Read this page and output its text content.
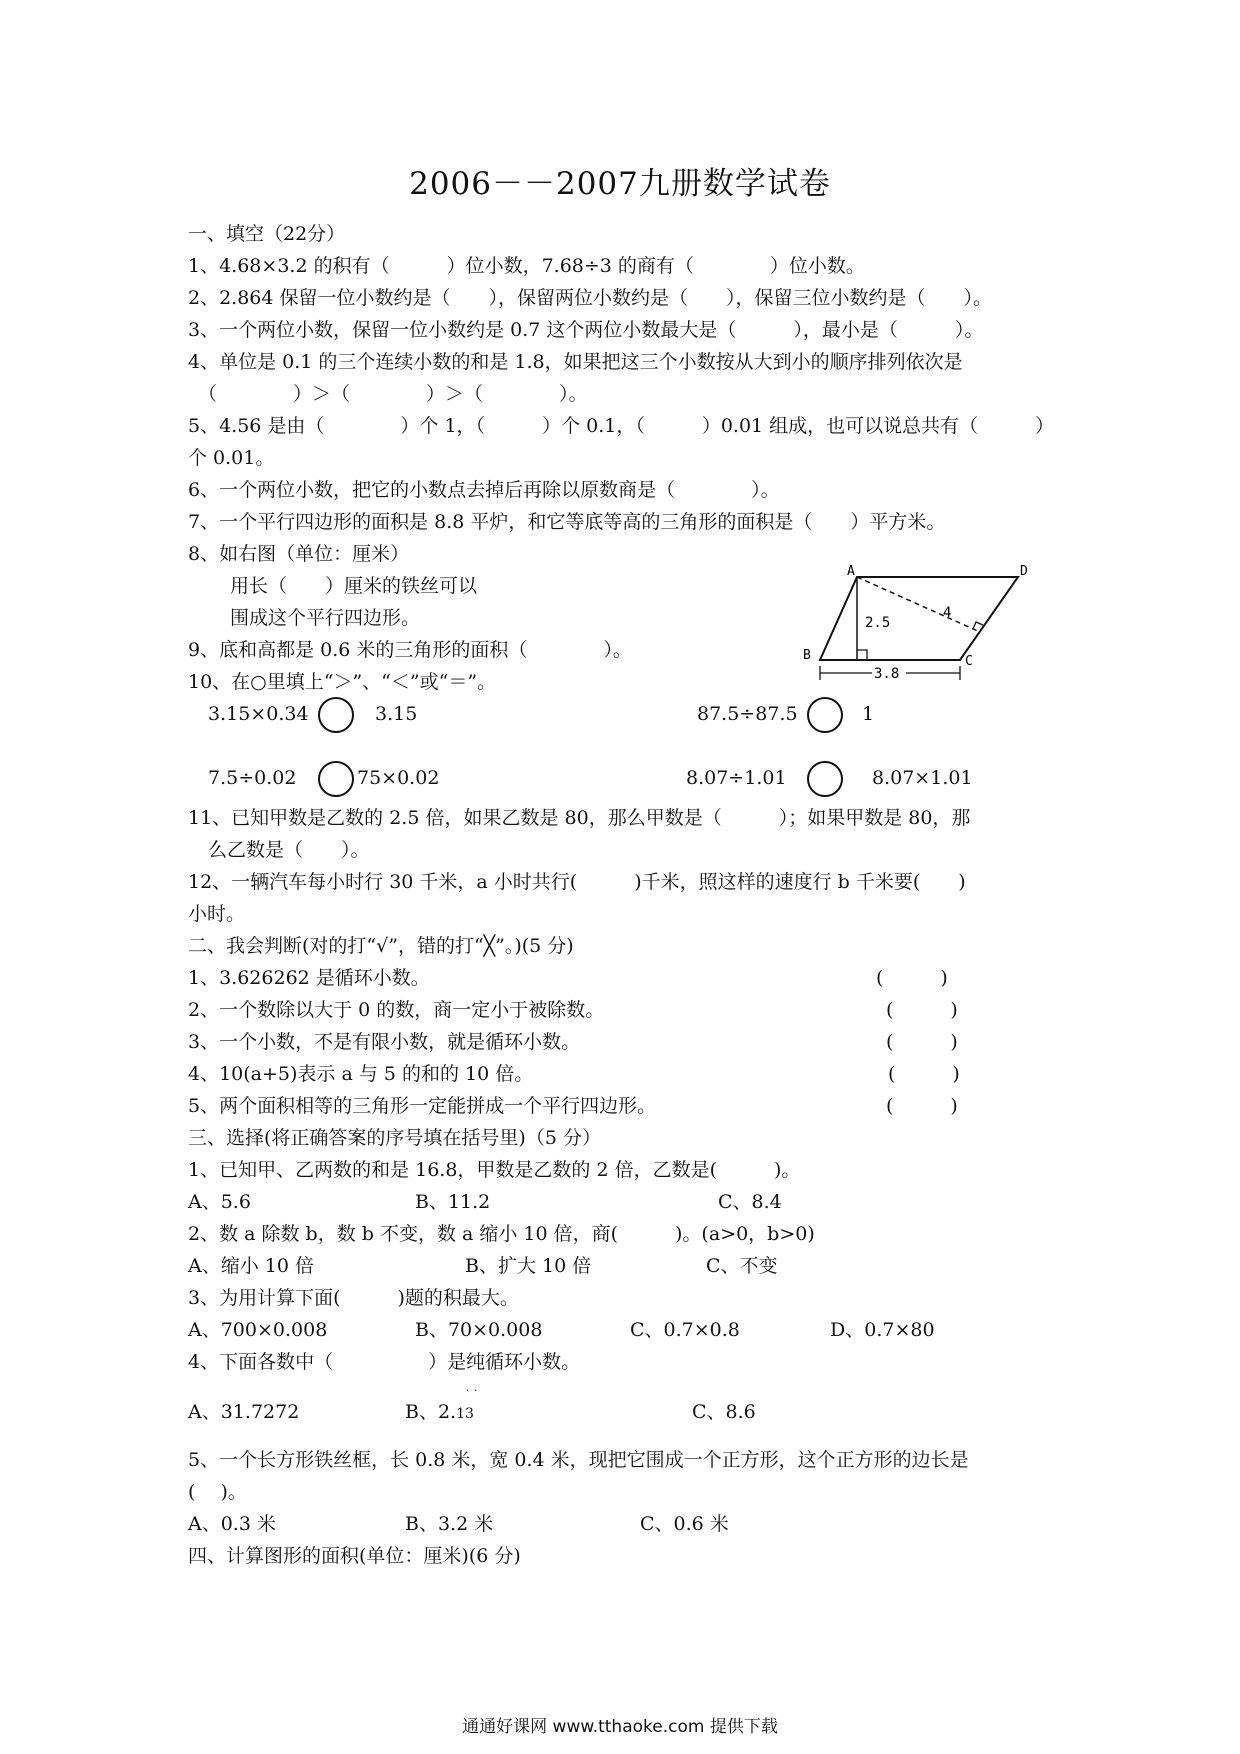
2006－－2007九册数学试卷
一、填空（22分）
1、4.68×3.2 的积有（　　　）位小数，7.68÷3 的商有（　　　　）位小数。
2、2.864 保留一位小数约是（　　），保留两位小数约是（　　），保留三位小数约是（　　）。
3、一个两位小数，保留一位小数约是 0.7 这个两位小数最大是（　　　），最小是（　　　）。
4、单位是 0.1 的三个连续小数的和是 1.8，如果把这三个小数按从大到小的顺序排列依次是
（　　　　）＞（　　　　）＞（　　　　）。
5、4.56 是由（　　　　）个 1，（　　　）个 0.1，（　　　）0.01 组成，也可以说总共有（　　　）
个 0.01。
6、一个两位小数，把它的小数点去掉后再除以原数商是（　　　　）。
7、一个平行四边形的面积是 8.8 平炉，和它等底等高的三角形的面积是（　　）平方米。
8、如右图（单位：厘米）
用长（　　）厘米的铁丝可以
围成这个平行四边形。
9、底和高都是 0.6 米的三角形的面积（　　　　）。
10、在○里填上“＞”、“＜”或“＝”。
A	D
B	C
2.5
4
3.8
3.15×0.34	3.15	87.5÷87.5	1
7.5÷0.02	75×0.02	8.07÷1.01	8.07×1.01
11、已知甲数是乙数的 2.5 倍，如果乙数是 80，那么甲数是（　　　）；如果甲数是 80，那
么乙数是（　　）。
12、一辆汽车每小时行 30 千米，a 小时共行(　　　)千米，照这样的速度行 b 千米要(　　)
小时。
二、我会判断(对的打“√”，错的打“╳”。)(5 分)
1、3.626262 是循环小数。	(　　　)
2、一个数除以大于 0 的数，商一定小于被除数。	(　　　)
3、一个小数，不是有限小数，就是循环小数。	(　　　)
4、10(a+5)表示 a 与 5 的和的 10 倍。	(　　　)
5、两个面积相等的三角形一定能拼成一个平行四边形。	(　　　)
三、选择(将正确答案的序号填在括号里)（5 分）
1、已知甲、乙两数的和是 16.8，甲数是乙数的 2 倍，乙数是(　　　)。
A、5.6	B、11.2	C、8.4
2、数 a 除数 b，数 b 不变，数 a 缩小 10 倍，商(　　　)。(a>0，b>0)
A、缩小 10 倍	B、扩大 10 倍	C、不变
3、为用计算下面(　　　)题的积最大。
A、700×0.008	B、70×0.008	C、0.7×0.8	D、0.7×80
4、下面各数中（　　　　　）是纯循环小数。
A、31.7272	B、2.13
··
C、8.6
5、一个长方形铁丝框，长 0.8 米，宽 0.4 米，现把它围成一个正方形，这个正方形的边长是
(　 )。
A、0.3 米	B、3.2 米	C、0.6 米
四、计算图形的面积(单位：厘米)(6 分)
通通好课网 www.tthaoke.com 提供下载
